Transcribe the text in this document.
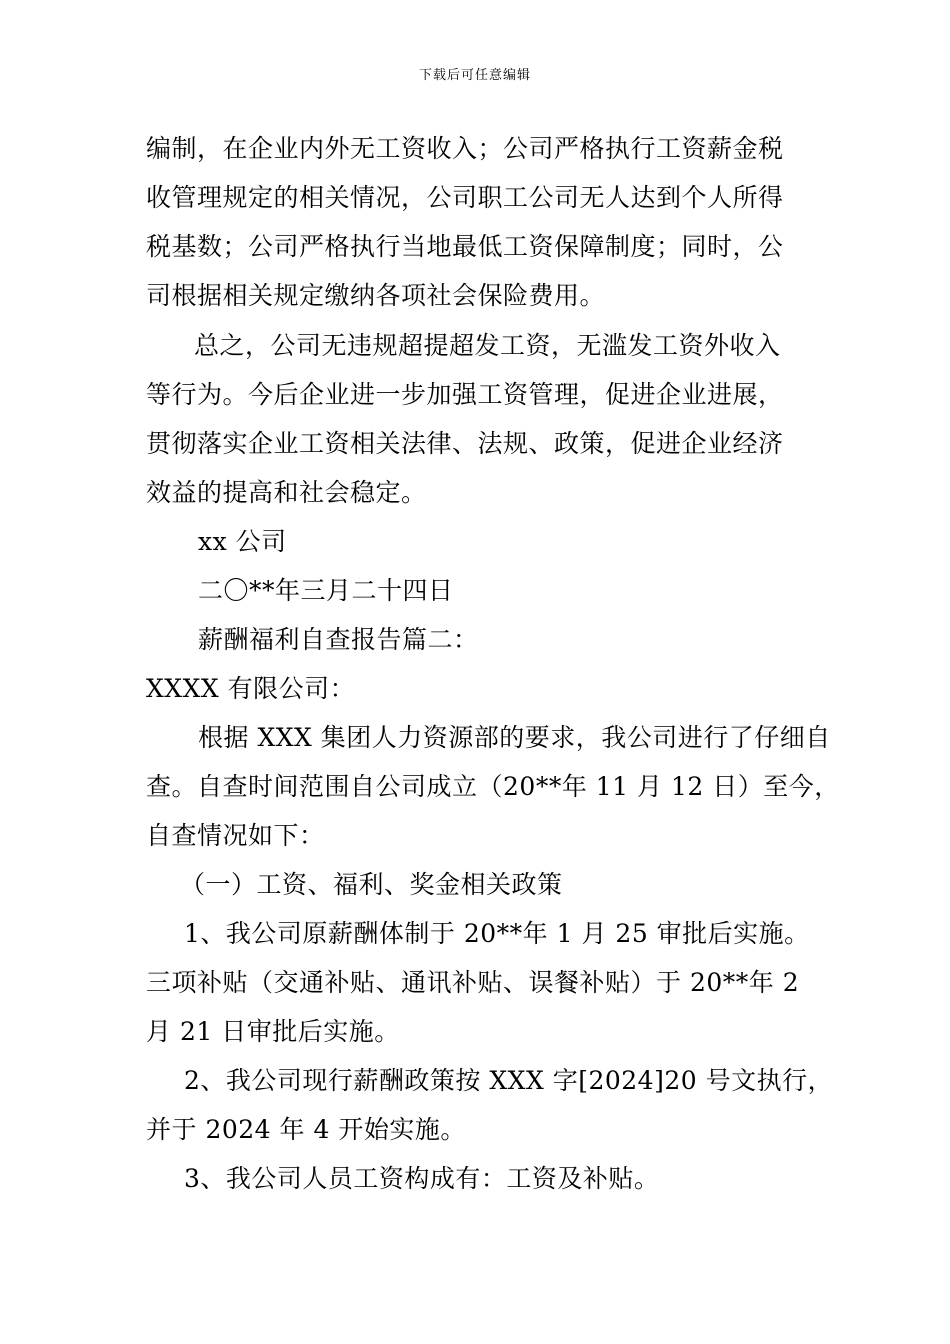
下载后可任意编辑

编制，在企业内外无工资收入；公司严格执行工资薪金税

收管理规定的相关情况，公司职工公司无人达到个人所得

税基数；公司严格执行当地最低工资保障制度；同时，公

司根据相关规定缴纳各项社会保险费用。

总之，公司无违规超提超发工资，无滥发工资外收入

等行为。今后企业进一步加强工资管理，促进企业进展，

贯彻落实企业工资相关法律、法规、政策，促进企业经济

效益的提高和社会稳定。

xx 公司

二〇**年三月二十四日

薪酬福利自查报告篇二：

XXXX 有限公司：

根据 XXX 集团人力资源部的要求，我公司进行了仔细自

查。自查时间范围自公司成立（20**年 11 月 12 日）至今，

自查情况如下：

（一）工资、福利、奖金相关政策

1、我公司原薪酬体制于 20**年 1 月 25 审批后实施。

三项补贴（交通补贴、通讯补贴、误餐补贴）于 20**年 2

月 21 日审批后实施。

2、我公司现行薪酬政策按 XXX 字[2024]20 号文执行，

并于 2024 年 4 开始实施。

3、我公司人员工资构成有：工资及补贴。
